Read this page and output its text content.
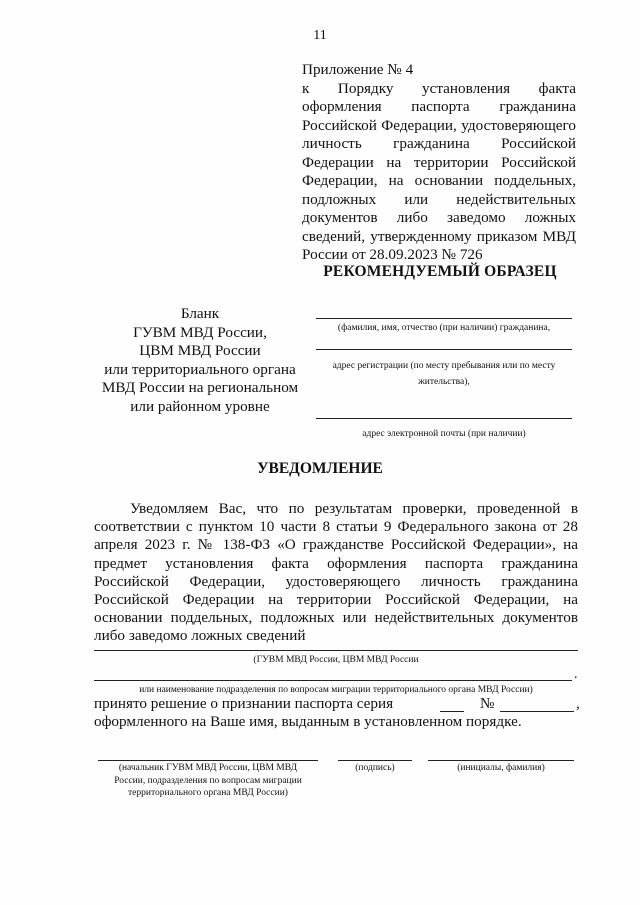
11
Приложение № 4
к Порядку установления факта оформления паспорта гражданина Российской Федерации, удостоверяющего личность гражданина Российской Федерации на территории Российской Федерации, на основании поддельных, подложных или недействительных документов либо заведомо ложных сведений, утвержденному приказом МВД России от 28.09.2023 № 726
РЕКОМЕНДУЕМЫЙ ОБРАЗЕЦ
Бланк
ГУВМ МВД России,
ЦВМ МВД России
или территориального органа
МВД России на региональном
или районном уровне
(фамилия, имя, отчество (при наличии) гражданина,
адрес регистрации (по месту пребывания или по месту
жительства),
адрес электронной почты (при наличии)
УВЕДОМЛЕНИЕ
Уведомляем Вас, что по результатам проверки, проведенной в соответствии с пунктом 10 части 8 статьи 9 Федерального закона от 28 апреля 2023 г. № 138-ФЗ «О гражданстве Российской Федерации», на предмет установления факта оформления паспорта гражданина Российской Федерации, удостоверяющего личность гражданина Российской Федерации на территории Российской Федерации, на основании поддельных, подложных или недействительных документов либо заведомо ложных сведений
(ГУВМ МВД России, ЦВМ МВД России
.
или наименование подразделения по вопросам миграции территориального органа МВД России)
принято решение о признании паспорта серия	№	,
оформленного на Ваше имя, выданным в установленном порядке.
(начальник ГУВМ МВД России, ЦВМ МВД России, подразделения по вопросам миграции территориального органа МВД России)
(подпись)	(инициалы, фамилия)
